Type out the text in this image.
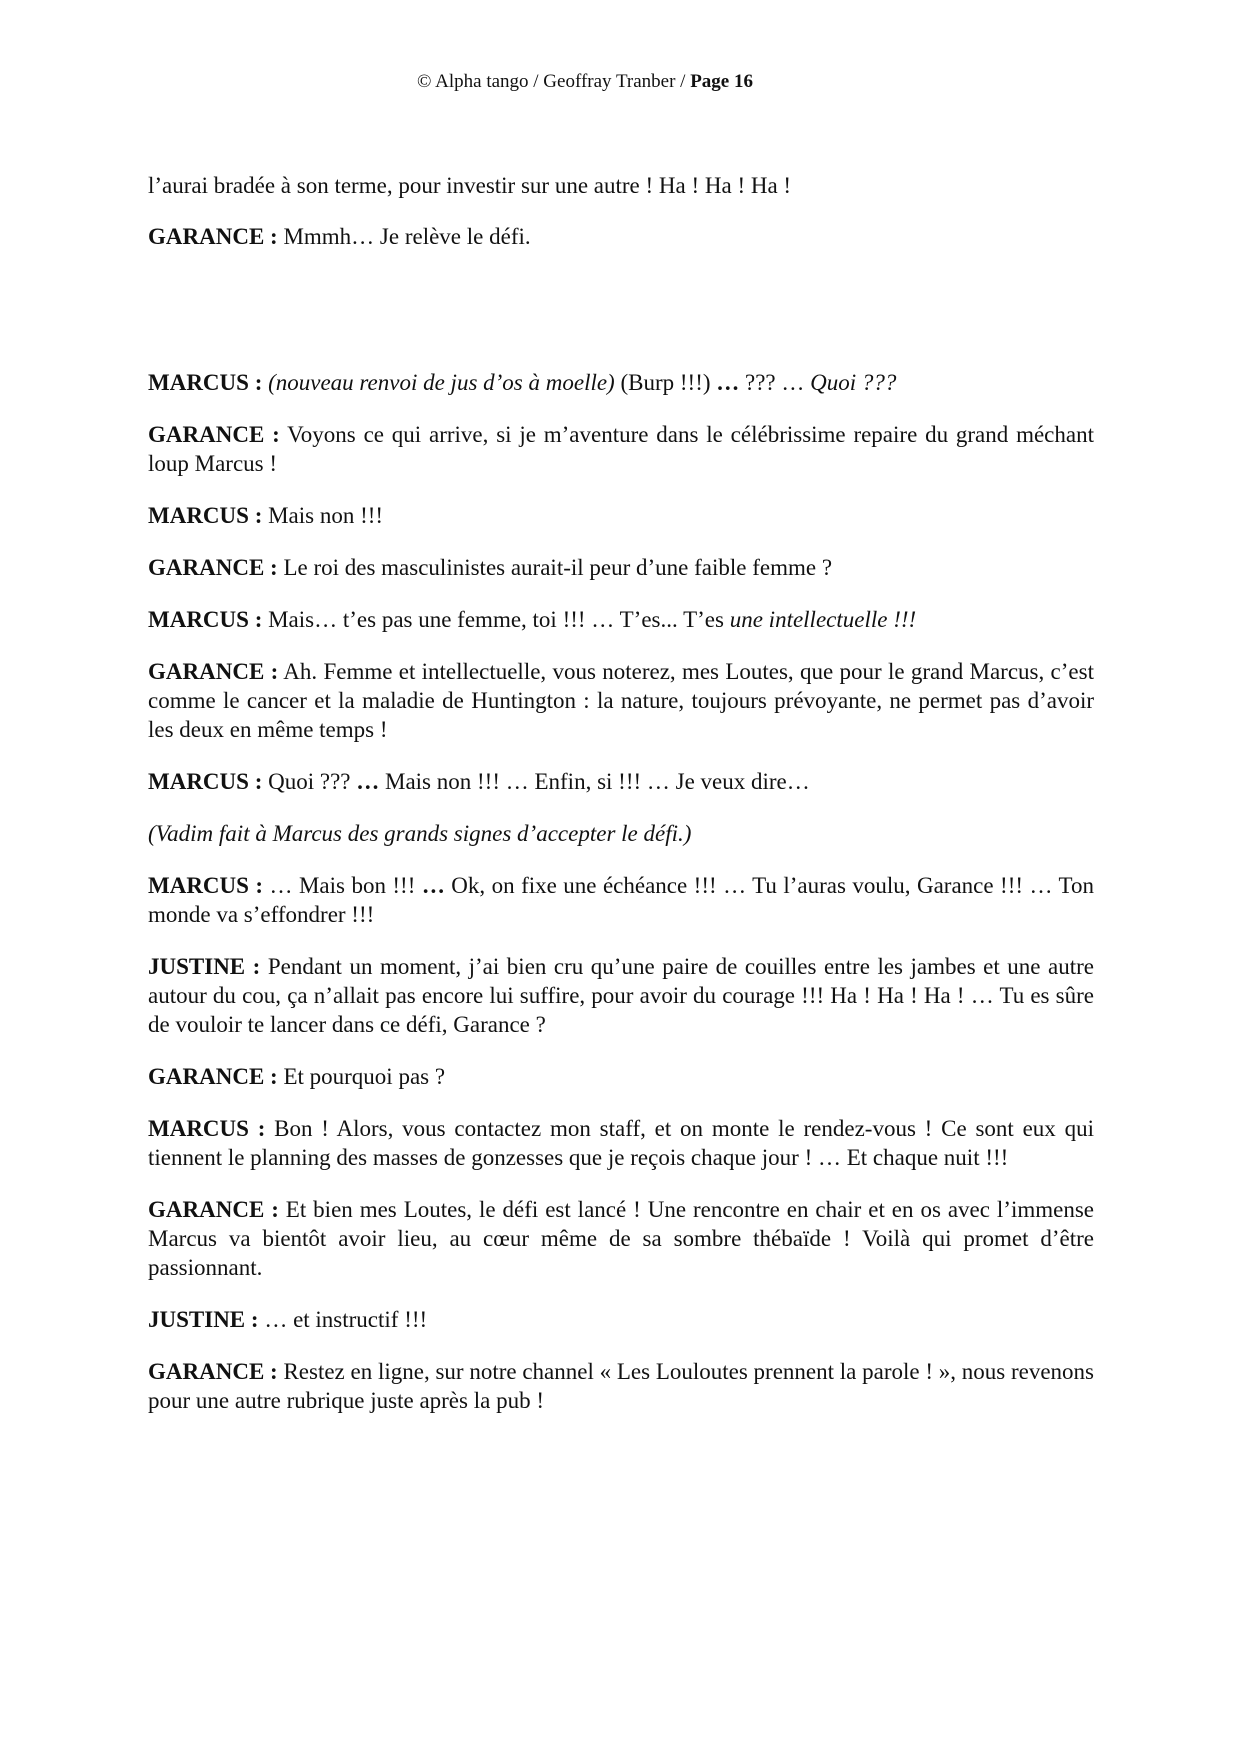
© Alpha tango / Geoffray Tranber / Page 16

l’aurai bradée à son terme, pour investir sur une autre ! Ha ! Ha ! Ha !

GARANCE : Mmmh… Je relève le défi.

MARCUS : (nouveau renvoi de jus d’os à moelle) (Burp !!!) … ??? … Quoi ???

GARANCE : Voyons ce qui arrive, si je m’aventure dans le célébrissime repaire du grand méchant loup Marcus !

MARCUS : Mais non !!!

GARANCE : Le roi des masculinistes aurait-il peur d’une faible femme ?

MARCUS : Mais… t’es pas une femme, toi !!! … T’es... T’es une intellectuelle !!!

GARANCE : Ah. Femme et intellectuelle, vous noterez, mes Loutes, que pour le grand Marcus, c’est comme le cancer et la maladie de Huntington : la nature, toujours prévoyante, ne permet pas d’avoir les deux en même temps !

MARCUS : Quoi ??? … Mais non !!! … Enfin, si !!! … Je veux dire…

(Vadim fait à Marcus des grands signes d’accepter le défi.)

MARCUS : … Mais bon !!! … Ok, on fixe une échéance !!! … Tu l’auras voulu, Garance !!! … Ton monde va s’effondrer !!!

JUSTINE : Pendant un moment, j’ai bien cru qu’une paire de couilles entre les jambes et une autre autour du cou, ça n’allait pas encore lui suffire, pour avoir du courage !!! Ha ! Ha ! Ha ! … Tu es sûre de vouloir te lancer dans ce défi, Garance ?

GARANCE : Et pourquoi pas ?

MARCUS : Bon ! Alors, vous contactez mon staff, et on monte le rendez-vous ! Ce sont eux qui tiennent le planning des masses de gonzesses que je reçois chaque jour ! … Et chaque nuit !!!

GARANCE : Et bien mes Loutes, le défi est lancé ! Une rencontre en chair et en os avec l’immense Marcus va bientôt avoir lieu, au cœur même de sa sombre thébaïde ! Voilà qui promet d’être passionnant.

JUSTINE : … et instructif !!!

GARANCE : Restez en ligne, sur notre channel « Les Louloutes prennent la parole ! », nous revenons pour une autre rubrique juste après la pub !
